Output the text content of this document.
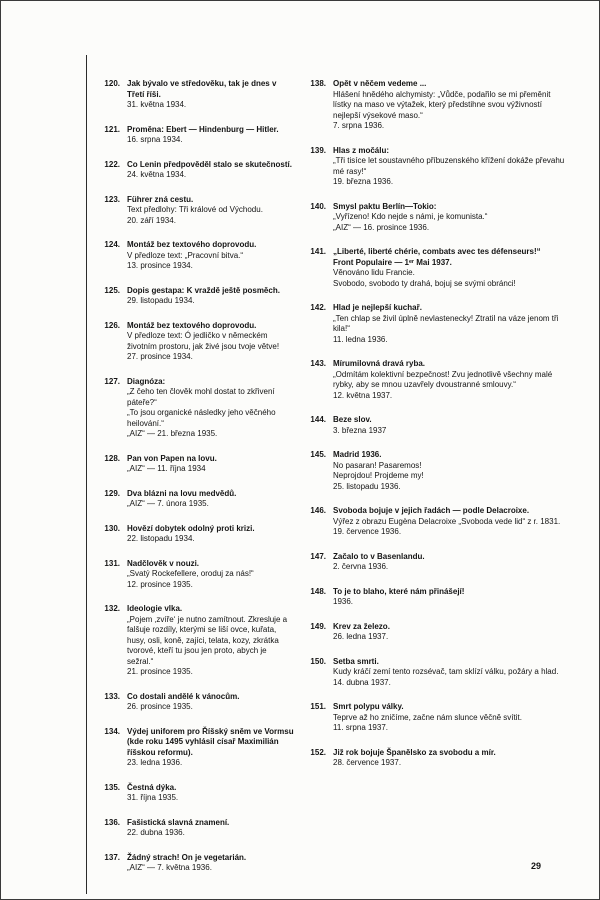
120. Jak bývalo ve středověku, tak je dnes v Třetí říši.
31. května 1934.
121. Proměna: Ebert — Hindenburg — Hitler.
16. srpna 1934.
122. Co Lenin předpověděl stalo se skutečností.
24. května 1934.
123. Führer zná cestu.
Text předlohy: Tři králové od Východu.
20. září 1934.
124. Montáž bez textového doprovodu.
V předloze text: „Pracovní bitva.“
13. prosince 1934.
125. Dopis gestapa: K vraždě ještě posměch.
29. listopadu 1934.
126. Montáž bez textového doprovodu.
V předloze text: Ó jedličko v německém životním prostoru, jak živé jsou tvoje větve!
27. prosince 1934.
127. Diagnóza:
„Z čeho ten člověk mohl dostat to zkřivení páteře?“
„To jsou organické následky jeho věčného heilování.“
„AIZ“ — 21. března 1935.
128. Pan von Papen na lovu.
„AIZ“ — 11. října 1934
129. Dva blázni na lovu medvědů.
„AIZ“ — 7. února 1935.
130. Hovězí dobytek odolný proti krizi.
22. listopadu 1934.
131. Nadčlověk v nouzi.
„Svatý Rockefellere, oroduj za nás!“
12. prosince 1935.
132. Ideologie vlka.
„Pojem ‚zvíře‘ je nutno zamítnout. Zkresluje a falšuje rozdíly, kterými se liší ovce, kuřata, husy, osli, koně, zajíci, telata, kozy, zkrátka tvorové, kteří tu jsou jen proto, abych je sežral.“
21. prosince 1935.
133. Co dostali andělé k vánocům.
26. prosince 1935.
134. Výdej uniforem pro Říšský sněm ve Vormsu (kde roku 1495 vyhlásil císař Maximilián říšskou reformu).
23. ledna 1936.
135. Čestná dýka.
31. října 1935.
136. Fašistická slavná znamení.
22. dubna 1936.
137. Žádný strach! On je vegetarián.
„AIZ“ — 7. května 1936.
138. Opět v něčem vedeme ...
Hlášení hnědého alchymisty: „Vůdče, podařilo se mi přeměnit lístky na maso ve výtažek, který předstihne svou výživností nejlepší výsekové maso.“
7. srpna 1936.
139. Hlas z močálu:
„Tři tisíce let soustavného příbuzenského křížení dokáže převahu mé rasy!“
19. března 1936.
140. Smysl paktu Berlín—Tokio:
„Vyřízeno! Kdo nejde s námi, je komunista.“
„AIZ“ — 16. prosince 1936.
141. „Liberté, liberté chérie, combats avec tes défenseurs!“
Front Populaire — 1ᵉʳ Mai 1937.
Věnováno lidu Francie.
Svobodo, svobodo ty drahá, bojuj se svými obránci!
142. Hlad je nejlepší kuchař.
„Ten chlap se živil úplně nevlastenecky! Ztratil na váze jenom tři kila!“
11. ledna 1936.
143. Mírumilovná dravá ryba.
„Odmítám kolektivní bezpečnost! Zvu jednotlivě všechny malé rybky, aby se mnou uzavřely dvoustranné smlouvy.“
12. května 1937.
144. Beze slov.
3. března 1937
145. Madrid 1936.
No pasaran! Pasaremos!
Neprojdou! Projdeme my!
25. listopadu 1936.
146. Svoboda bojuje v jejich řadách — podle Delacroixe.
Výřez z obrazu Eugèna Delacroixe „Svoboda vede lid“ z r. 1831.
19. července 1936.
147. Začalo to v Basenlandu.
2. června 1936.
148. To je to blaho, které nám přinášejí!
1936.
149. Krev za železo.
26. ledna 1937.
150. Setba smrti.
Kudy kráčí zemí tento rozsévač, tam sklízí válku, požáry a hlad.
14. dubna 1937.
151. Smrt polypu války.
Teprve až ho zničíme, začne nám slunce věčně svítit.
11. srpna 1937.
152. Již rok bojuje Španělsko za svobodu a mír.
28. července 1937.
29
